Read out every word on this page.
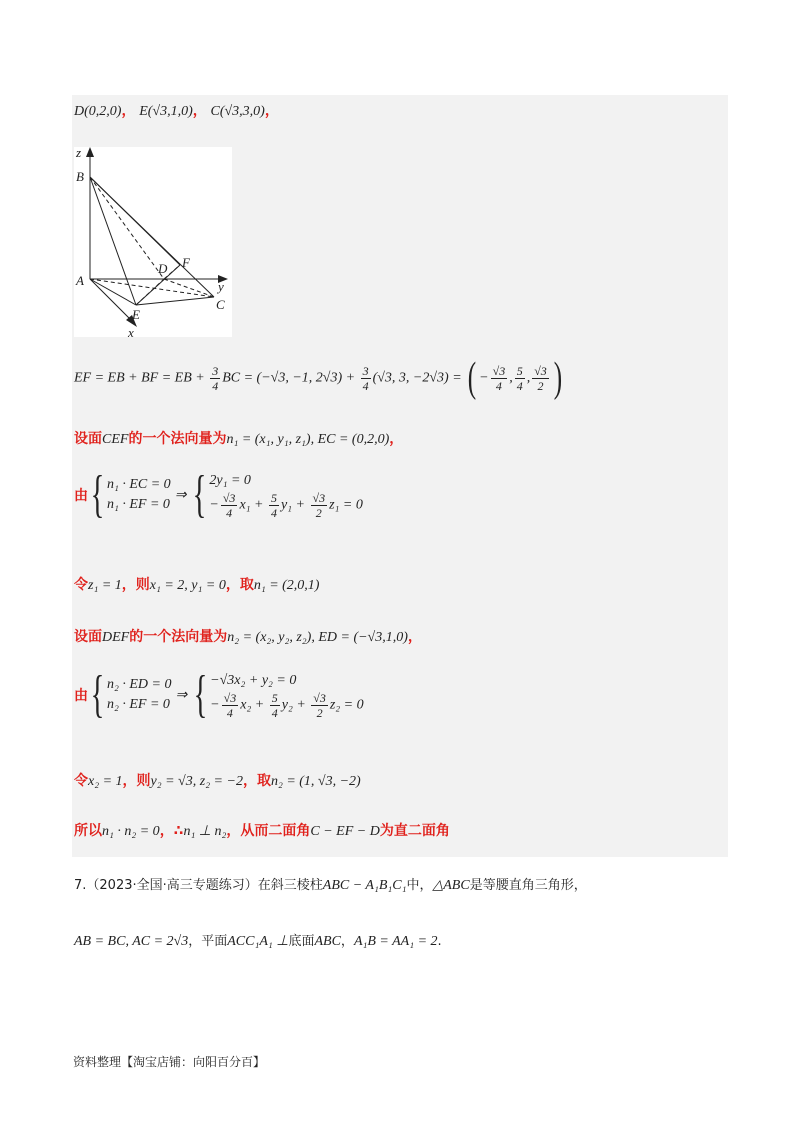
D(0,2,0)， E(√3,1,0)， C(√3,3,0)，
z
B
A
D F
E
C
y
x
EF = EB + BF = EB + $\frac{3}{4}$ BC = (−√3, −1, $2√3) + \frac{3}{4} (√3$, 3, −2√3) = ( − $\frac{√3}{4}$ , $\frac{5}{4}$ , $\frac{√3}{2}$ )
设面CEF的一个法向量为n₁ = (x₁, y₁, z₁), EC = (0,2,0)，
由{ n₁ · EC = 0
n₁ · EF = 0
⇒ { 2y₁ = 0
− $\frac{√3}{4} x_1 + \frac{5}{4} y_1 + \frac{√3}{2} z_1 = 0$
令z₁ = 1，则x₁ = 2, y₁ = 0，取n₁ = (2,0,1)
设面DEF的一个法向量为n₂ = (x₂, y₂, z₂), ED = (−√3,1,0)，
由{ n₂ · ED = 0
n₂ · EF = 0
⇒ { −√3x₂ + y₂ = 0
− $\frac{√3}{4} x_2 + \frac{5}{4} y_2 + \frac{√3}{2} z_2 = 0$
令x₂ = 1，则y₂ = √3, z₂ = −2，取n₂ = (1, √3, −2)
所以n₁ · n₂ = 0，∴n₁ ⊥ n₂，从而二面角C − EF − D为直二面角
7.（2023·全国·高三专题练习）在斜三棱柱ABC − A₁B₁C₁中，△ABC是等腰直角三角形，
AB = BC, AC = 2√3，平面ACC₁A₁ ⊥底面ABC，A₁B = AA₁ = 2.
资料整理【淘宝店铺：向阳百分百】
